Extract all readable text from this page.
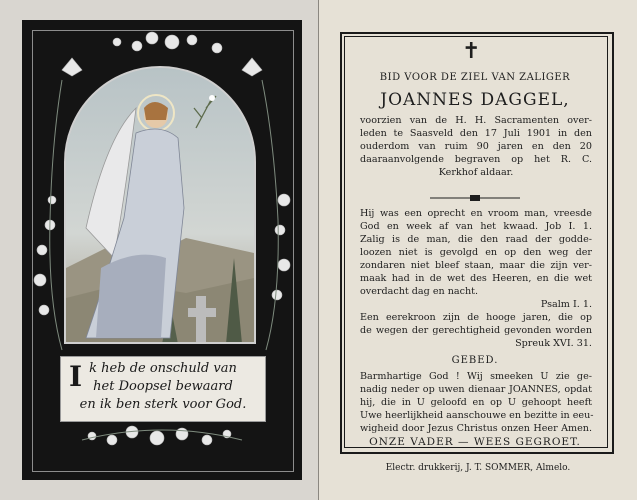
I k heb de onschuld van
het Doopsel bewaard
en ik ben sterk voor God.
✝
BID VOOR DE ZIEL VAN ZALIGER
JOANNES DAGGEL,
voorzien van de H. H. Sacramenten over-
leden te Saasveld den 17 Juli 1901 in den
ouderdom van ruim 90 jaren en den 20
daaraanvolgende begraven op het R. C.
Kerkhof aldaar.
Hij was een oprecht en vroom man, vreesde
God en week af van het kwaad. Job I. 1.
Zalig is de man, die den raad der godde-
loozen niet is gevolgd en op den weg der
zondaren niet bleef staan, maar die zijn ver-
maak had in de wet des Heeren, en die wet
overdacht dag en nacht.
Psalm I. 1.
Een eerekroon zijn de hooge jaren, die op
de wegen der gerechtigheid gevonden worden
Spreuk XVI. 31.
GEBED.
Barmhartige God ! Wij smeeken U zie ge-
nadig neder op uwen dienaar JOANNES, opdat
hij, die in U geloofd en op U gehoopt heeft
Uwe heerlijkheid aanschouwe en bezitte in eeu-
wigheid door Jezus Christus onzen Heer Amen.
ONZE VADER — WEES GEGROET.
Electr. drukkerij, J. T. SOMMER, Almelo.
